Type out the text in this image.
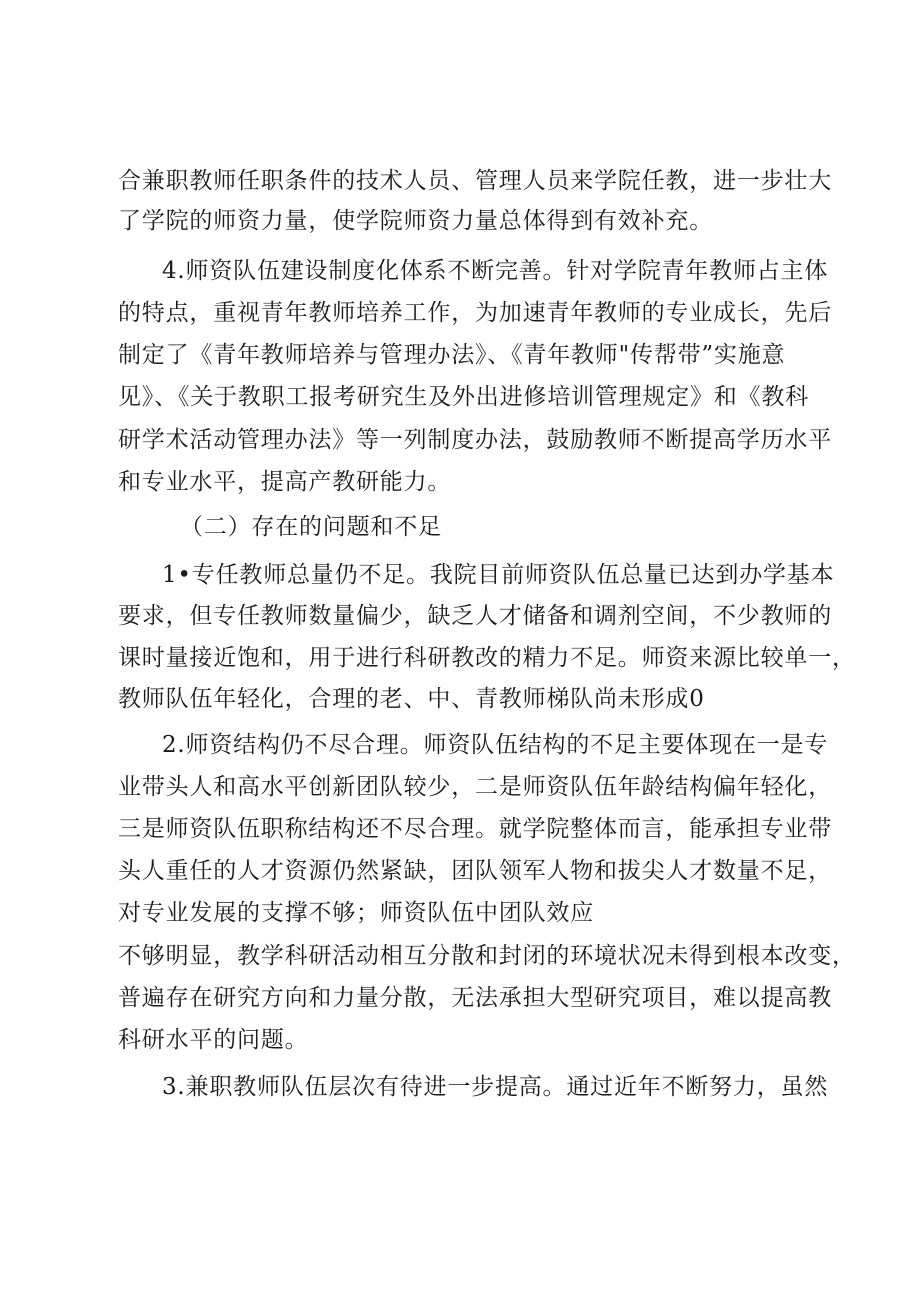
合兼职教师任职条件的技术人员、管理人员来学院任教，进一步壮大
了学院的师资力量，使学院师资力量总体得到有效补充。
4.师资队伍建设制度化体系不断完善。针对学院青年教师占主体
的特点，重视青年教师培养工作，为加速青年教师的专业成长，先后
制定了《青年教师培养与管理办法》、《青年教师"传帮带”实施意
见》、《关于教职工报考研究生及外出进修培训管理规定》和《教科
研学术活动管理办法》等一列制度办法，鼓励教师不断提高学历水平
和专业水平，提高产教研能力。
（二）存在的问题和不足
1•专任教师总量仍不足。我院目前师资队伍总量已达到办学基本
要求，但专任教师数量偏少，缺乏人才储备和调剂空间，不少教师的
课时量接近饱和，用于进行科研教改的精力不足。师资来源比较单一，
教师队伍年轻化，合理的老、中、青教师梯队尚未形成0
2.师资结构仍不尽合理。师资队伍结构的不足主要体现在一是专
业带头人和高水平创新团队较少，二是师资队伍年龄结构偏年轻化，
三是师资队伍职称结构还不尽合理。就学院整体而言，能承担专业带
头人重任的人才资源仍然紧缺，团队领军人物和拔尖人才数量不足，
对专业发展的支撑不够；师资队伍中团队效应
不够明显，教学科研活动相互分散和封闭的环境状况未得到根本改变，
普遍存在研究方向和力量分散，无法承担大型研究项目，难以提高教
科研水平的问题。
3.兼职教师队伍层次有待进一步提高。通过近年不断努力，虽然
